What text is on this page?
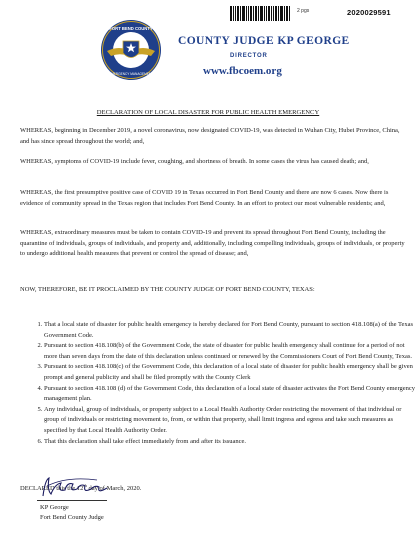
2 pgs	2020029591
FORT BEND COUNTY
EMERGENCY MANAGEMENT
COUNTY JUDGE KP GEORGE
DIRECTOR
www.fbcoem.org
DECLARATION OF LOCAL DISASTER FOR PUBLIC HEALTH EMERGENCY

WHEREAS, beginning in December 2019, a novel coronavirus, now designated COVID-19, was detected in Wuhan City, Hubei Province, China, and has since spread throughout the world; and,

WHEREAS, symptoms of COVID-19 include fever, coughing, and shortness of breath. In some cases the virus has caused death; and,

WHEREAS, the first presumptive positive case of COVID 19 in Texas occurred in Fort Bend County and there are now 6 cases. Now there is evidence of community spread in the Texas region that includes Fort Bend County. In an effort to protect our most vulnerable residents; and,

WHEREAS, extraordinary measures must be taken to contain COVID-19 and prevent its spread throughout Fort Bend County, including the quarantine of individuals, groups of individuals, and property and, additionally, including compelling individuals, groups of individuals, or property to undergo additional health measures that prevent or control the spread of disease; and,

NOW, THEREFORE, BE IT PROCLAIMED BY THE COUNTY JUDGE OF FORT BEND COUNTY, TEXAS:

1. That a local state of disaster for public health emergency is hereby declared for Fort Bend County, pursuant to section 418.108(a) of the Texas Government Code.
2. Pursuant to section 418.108(b) of the Government Code, the state of disaster for public health emergency shall continue for a period of not more than seven days from the date of this declaration unless continued or renewed by the Commissioners Court of Fort Bend County, Texas.
3. Pursuant to section 418.108(c) of the Government Code, this declaration of a local state of disaster for public health emergency shall be given prompt and general publicity and shall be filed promptly with the County Clerk
4. Pursuant to section 418.108 (d) of the Government Code, this declaration of a local state of disaster activates the Fort Bend County emergency management plan.
5. Any individual, group of individuals, or property subject to a Local Health Authority Order restricting the movement of that individual or group of individuals or restricting movement to, from, or within that property, shall limit ingress and egress and take such measures as specified by that Local Health Authority Order.
6. That this declaration shall take effect immediately from and after its issuance.
DECLARED this the 12th day of March, 2020.
KP George
Fort Bend County Judge
